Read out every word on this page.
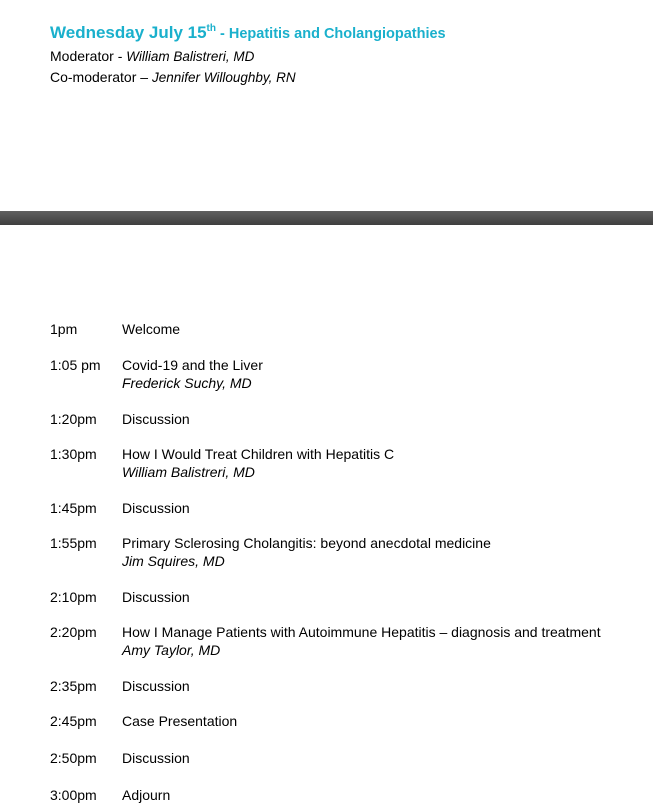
Wednesday July 15th - Hepatitis and Cholangiopathies
Moderator - William Balistreri, MD
Co-moderator – Jennifer Willoughby, RN
1pm	Welcome
1:05 pm	Covid-19 and the Liver
Frederick Suchy, MD
1:20pm	Discussion
1:30pm	How I Would Treat Children with Hepatitis C
William Balistreri, MD
1:45pm	Discussion
1:55pm	Primary Sclerosing Cholangitis: beyond anecdotal medicine
Jim Squires, MD
2:10pm	Discussion
2:20pm	How I Manage Patients with Autoimmune Hepatitis – diagnosis and treatment
Amy Taylor, MD
2:35pm	Discussion
2:45pm	Case Presentation
2:50pm	Discussion
3:00pm	Adjourn
